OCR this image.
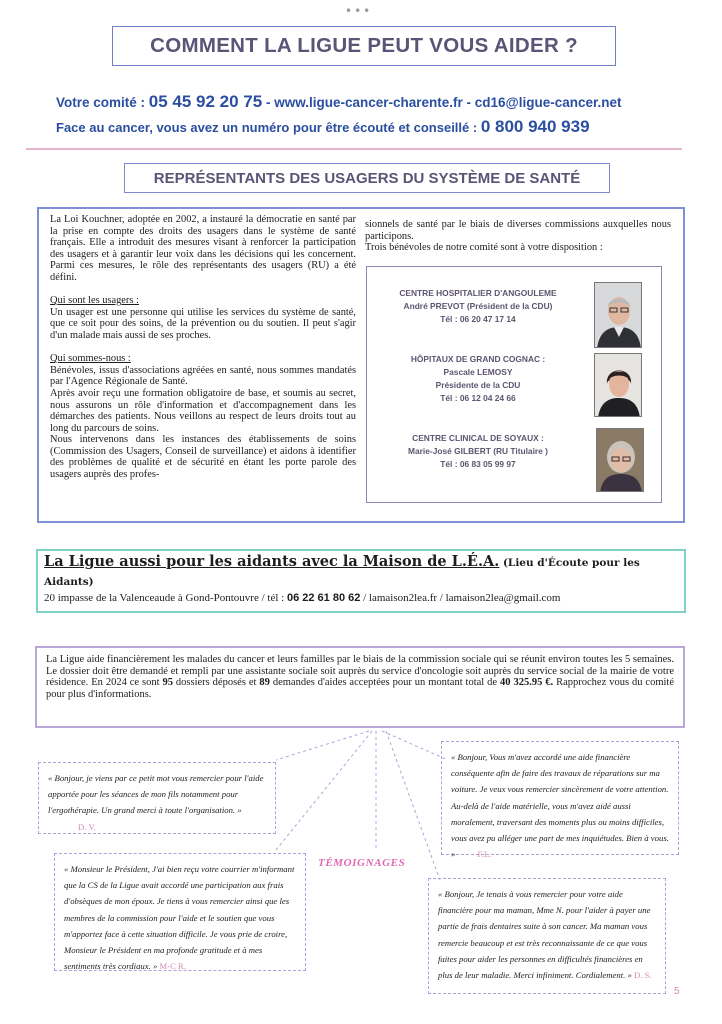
•••
COMMENT LA LIGUE PEUT VOUS AIDER ?
Votre comité : 05 45 92 20 75 - www.ligue-cancer-charente.fr - cd16@ligue-cancer.net
Face au cancer, vous avez un numéro pour être écouté et conseillé : 0 800 940 939
REPRÉSENTANTS DES USAGERS DU SYSTÈME DE SANTÉ

La Loi Kouchner, adoptée en 2002, a instauré la démocratie en santé par la prise en compte des droits des usagers dans le système de santé français. Elle a introduit des mesures visant à renforcer la participation des usagers et à garantir leur voix dans les décisions qui les concernent. Parmi ces mesures, le rôle des représentants des usagers (RU) a été défini.

Qui sont les usagers :

Un usager est une personne qui utilise les services du système de santé, que ce soit pour des soins, de la prévention ou du soutien. Il peut s'agir d'un malade mais aussi de ses proches.

Qui sommes-nous :

Bénévoles, issus d'associations agréées en santé, nous sommes mandatés par l'Agence Régionale de Santé.

Après avoir reçu une formation obligatoire de base, et soumis au secret, nous assurons un rôle d'information et d'accompagnement dans les démarches des patients. Nous veillons au respect de leurs droits tout au long du parcours de soins.

Nous intervenons dans les instances des établissements de soins (Commission des Usagers, Conseil de surveillance) et aidons à identifier des problèmes de qualité et de sécurité en étant les porte parole des usagers auprès des profes-

sionnels de santé par le biais de diverses commissions auxquelles nous participons.

Trois bénévoles de notre comité sont à votre disposition :

CENTRE HOSPITALIER D'ANGOULEME
André PREVOT (Président de la CDU)
Tél : 06 20 47 17 14
HÔPITAUX DE GRAND COGNAC :
Pascale LEMOSY
Présidente de la CDU
Tél : 06 12 04 24 66
CENTRE CLINICAL DE SOYAUX :
Marie-José GILBERT (RU Titulaire )
Tél : 06 83 05 99 97
La Ligue aussi pour les aidants avec la Maison de L.É.A. (Lieu d'Écoute pour les Aidants)
20 impasse de la Valenceaude à Gond-Pontouvre / tél : 06 22 61 80 62 / lamaison2lea.fr / lamaison2lea@gmail.com
La Ligue aide financièrement les malades du cancer et leurs familles par le biais de la commission sociale qui se réunit environ toutes les 5 semaines. Le dossier doit être demandé et rempli par une assistante sociale soit auprès du service d'oncologie soit auprès du service social de la mairie de votre résidence. En 2024 ce sont 95 dossiers déposés et 89 demandes d'aides acceptées pour un montant total de 40 325.95 €. Rapprochez vous du comité pour plus d'informations.
« Bonjour, je viens par ce petit mot vous remercier pour l'aide apportée pour les séances de mon fils notamment pour l'ergothérapie. Un grand merci à toute l'organisation. » D. V.
« Bonjour, Vous m'avez accordé une aide financière conséquente afin de faire des travaux de réparations sur ma voiture. Je veux vous remercier sincèrement de votre attention. Au-delà de l'aide matérielle, vous m'avez aidé aussi moralement, traversant des moments plus ou moins difficiles, vous avez pu alléger une part de mes inquiétudes. Bien à vous. »	F.L.
TÉMOIGNAGES
« Monsieur le Président, J'ai bien reçu votre courrier m'informant que la CS de la Ligue avait accordé une participation aux frais d'obsèques de mon époux. Je tiens à vous remercier ainsi que les membres de la commission pour l'aide et le soutien que vous m'apportez face à cette situation difficile. Je vous prie de croire, Monsieur le Président en ma profonde gratitude et à mes sentiments très cordiaux. » M-C R.
« Bonjour, Je tenais à vous remercier pour votre aide financière pour ma maman, Mme N. pour l'aider à payer une partie de frais dentaires suite à son cancer. Ma maman vous remercie beaucoup et est très reconnaissante de ce que vous faites pour aider les personnes en difficultés financières en plus de leur maladie. Merci infiniment. Cordialement. » D. S.
5
